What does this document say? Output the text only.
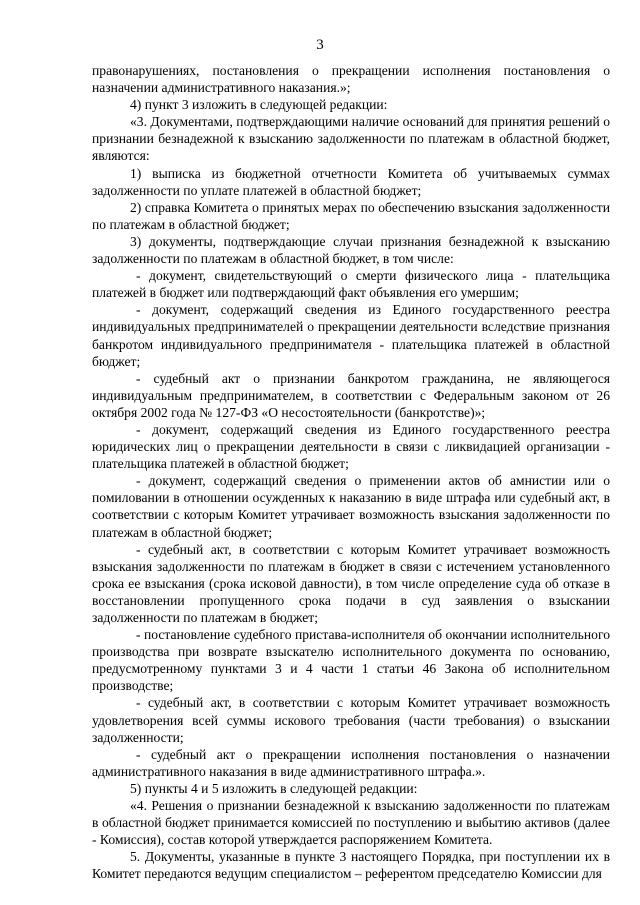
3

правонарушениях, постановления о прекращении исполнения постановления о назначении административного наказания.»;

4) пункт 3 изложить в следующей редакции:

«3. Документами, подтверждающими наличие оснований для принятия решений о признании безнадежной к взысканию задолженности по платежам в областной бюджет, являются:

1) выписка из бюджетной отчетности Комитета об учитываемых суммах задолженности по уплате платежей в областной бюджет;

2) справка Комитета о принятых мерах по обеспечению взыскания задолженности по платежам в областной бюджет;

3) документы, подтверждающие случаи признания безнадежной к взысканию задолженности по платежам в областной бюджет, в том числе:

- документ, свидетельствующий о смерти физического лица - плательщика платежей в бюджет или подтверждающий факт объявления его умершим;

- документ, содержащий сведения из Единого государственного реестра индивидуальных предпринимателей о прекращении деятельности вследствие признания банкротом индивидуального предпринимателя - плательщика платежей в областной бюджет;

- судебный акт о признании банкротом гражданина, не являющегося индивидуальным предпринимателем, в соответствии с Федеральным законом от 26 октября 2002 года № 127-ФЗ «О несостоятельности (банкротстве)»;

- документ, содержащий сведения из Единого государственного реестра юридических лиц о прекращении деятельности в связи с ликвидацией организации - плательщика платежей в областной бюджет;

- документ, содержащий сведения о применении актов об амнистии или о помиловании в отношении осужденных к наказанию в виде штрафа или судебный акт, в соответствии с которым Комитет утрачивает возможность взыскания задолженности по платежам в областной бюджет;

- судебный акт, в соответствии с которым Комитет утрачивает возможность взыскания задолженности по платежам в бюджет в связи с истечением установленного срока ее взыскания (срока исковой давности), в том числе определение суда об отказе в восстановлении пропущенного срока подачи в суд заявления о взыскании задолженности по платежам в бюджет;

- постановление судебного пристава-исполнителя об окончании исполнительного производства при возврате взыскателю исполнительного документа по основанию, предусмотренному пунктами 3 и 4 части 1 статьи 46 Закона об исполнительном производстве;

- судебный акт, в соответствии с которым Комитет утрачивает возможность удовлетворения всей суммы искового требования (части требования) о взыскании задолженности;

- судебный акт о прекращении исполнения постановления о назначении административного наказания в виде административного штрафа.».

5) пункты 4 и 5 изложить в следующей редакции:

«4. Решения о признании безнадежной к взысканию задолженности по платежам в областной бюджет принимается комиссией по поступлению и выбытию активов (далее - Комиссия), состав которой утверждается распоряжением Комитета.

5. Документы, указанные в пункте 3 настоящего Порядка, при поступлении их в Комитет передаются ведущим специалистом – референтом председателю Комиссии для
